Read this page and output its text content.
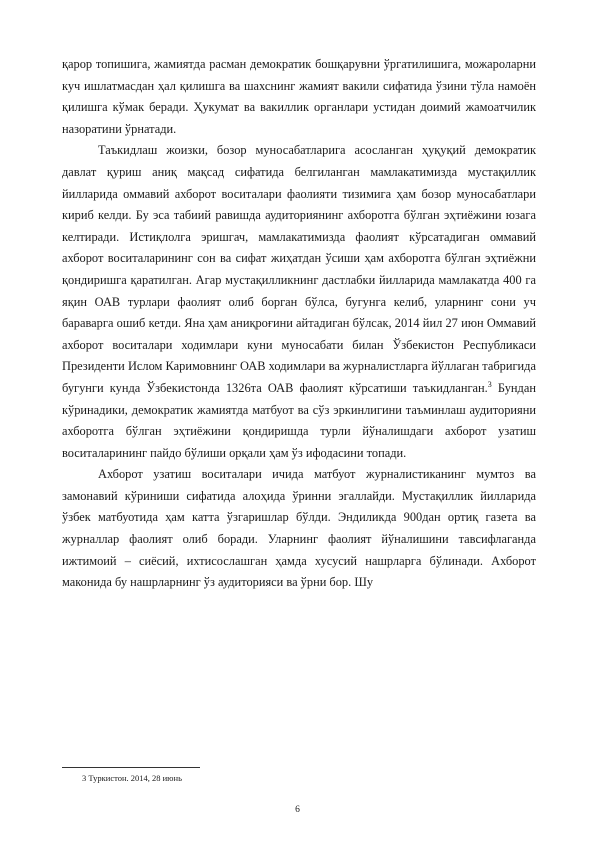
қарор топишига, жамиятда расман демократик бошқарувни ўргатилишига, можароларни куч ишлатмасдан ҳал қилишга ва шахснинг жамият вакили сифатида ўзини тўла намоён қилишга кўмак беради. Ҳукумат ва вакиллик органлари устидан доимий жамоатчилик назоратини ўрнатади.

Таъкидлаш жоизки, бозор муносабатларига асосланган ҳуқуқий демократик давлат қуриш аниқ мақсад сифатида белгиланган мамлакатимизда мустақиллик йилларида оммавий ахборот воситалари фаолияти тизимига ҳам бозор муносабатлари кириб келди. Бу эса табиий равишда аудиториянинг ахборотга бўлган эҳтиёжини юзага келтиради. Истиқлолга эришгач, мамлакатимизда фаолият кўрсатадиган оммавий ахборот воситаларининг сон ва сифат жиҳатдан ўсиши ҳам ахборотга бўлган эҳтиёжни қондиришга қаратилган. Агар мустақилликнинг дастлабки йилларида мамлакатда 400 га яқин ОАВ турлари фаолият олиб борган бўлса, бугунга келиб, уларнинг сони уч бараварга ошиб кетди. Яна ҳам аниқроғини айтадиган бўлсак, 2014 йил 27 июн Оммавий ахборот воситалари ходимлари куни муносабати билан Ўзбекистон Республикаси Президенти Ислом Каримовнинг ОАВ ходимлари ва журналистларга йўллаган табригида бугунги кунда Ўзбекистонда 1326та ОАВ фаолият кўрсатиши таъкидланган.$^3$ Бундан кўринадики, демократик жамиятда матбуот ва сўз эркинлигини таъминлаш аудиторияни ахборотга бўлган эҳтиёжини қондиришда турли йўналишдаги ахборот узатиш воситаларининг пайдо бўлиши орқали ҳам ўз ифодасини топади.

Ахборот узатиш воситалари ичида матбуот журналистиканинг мумтоз ва замонавий кўриниши сифатида алоҳида ўринни эгаллайди. Мустақиллик йилларида ўзбек матбуотида ҳам катта ўзгаришлар бўлди. Эндиликда 900дан ортиқ газета ва журналлар фаолият олиб боради. Уларнинг фаолият йўналишини тавсифлаганда ижтимоий – сиёсий, ихтисослашган ҳамда хусусий нашрларга бўлинади. Ахборот маконида бу нашрларнинг ўз аудиторияси ва ўрни бор. Шу

3 Туркистон. 2014, 28 июнь
6
